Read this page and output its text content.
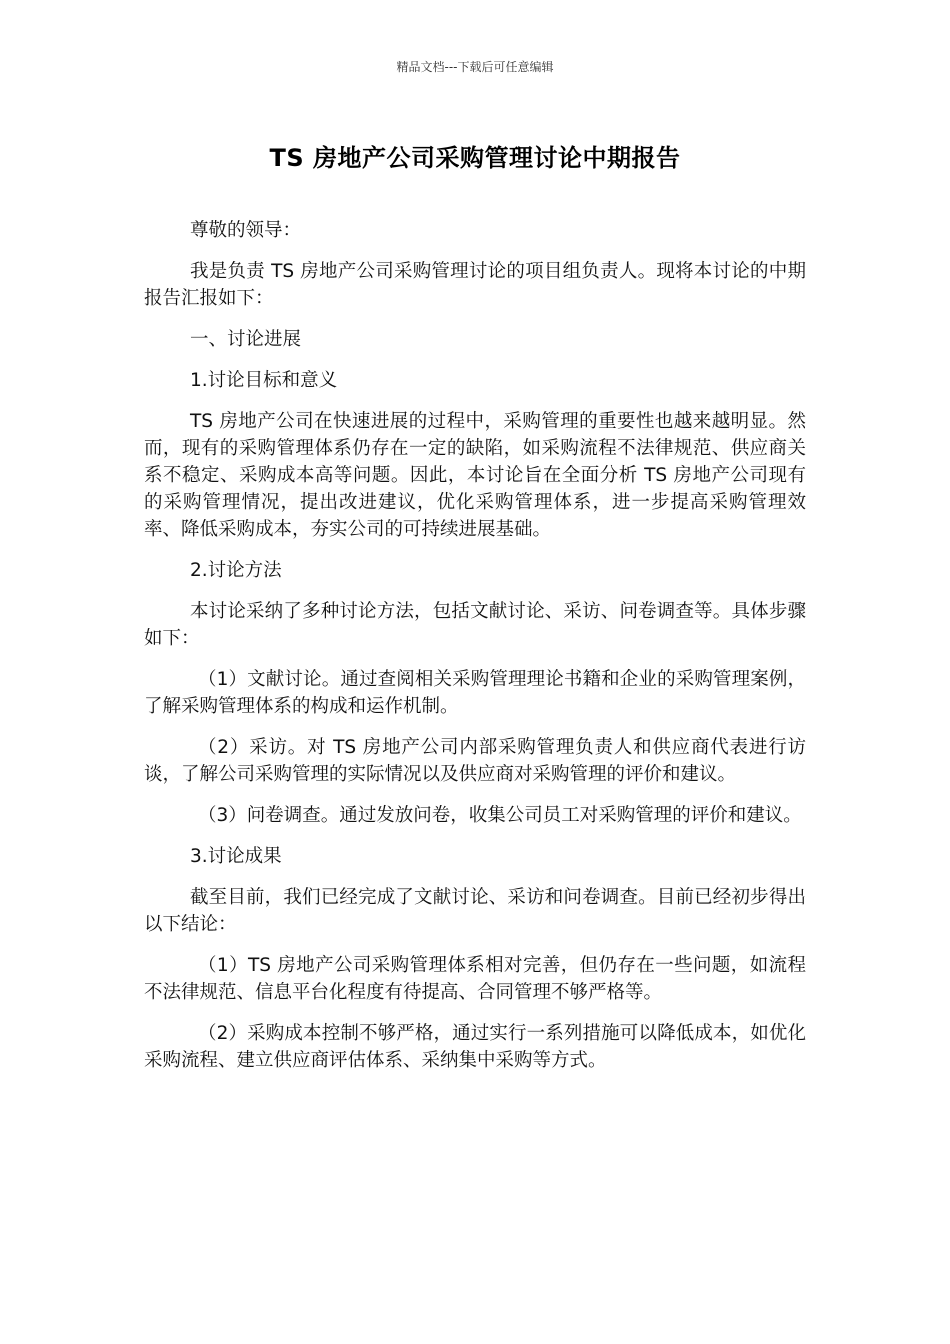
精品文档---下载后可任意编辑
TS 房地产公司采购管理讨论中期报告

尊敬的领导：

我是负责 TS 房地产公司采购管理讨论的项目组负责人。现将本讨论的中期报告汇报如下：

一、讨论进展

1.讨论目标和意义

TS 房地产公司在快速进展的过程中，采购管理的重要性也越来越明显。然而，现有的采购管理体系仍存在一定的缺陷，如采购流程不法律规范、供应商关系不稳定、采购成本高等问题。因此，本讨论旨在全面分析 TS 房地产公司现有的采购管理情况，提出改进建议，优化采购管理体系，进一步提高采购管理效率、降低采购成本，夯实公司的可持续进展基础。

2.讨论方法

本讨论采纳了多种讨论方法，包括文献讨论、采访、问卷调查等。具体步骤如下：

（1）文献讨论。通过查阅相关采购管理理论书籍和企业的采购管理案例，了解采购管理体系的构成和运作机制。

（2）采访。对 TS 房地产公司内部采购管理负责人和供应商代表进行访谈，了解公司采购管理的实际情况以及供应商对采购管理的评价和建议。

（3）问卷调查。通过发放问卷，收集公司员工对采购管理的评价和建议。

3.讨论成果

截至目前，我们已经完成了文献讨论、采访和问卷调查。目前已经初步得出以下结论：

（1）TS 房地产公司采购管理体系相对完善，但仍存在一些问题，如流程不法律规范、信息平台化程度有待提高、合同管理不够严格等。

（2）采购成本控制不够严格，通过实行一系列措施可以降低成本，如优化采购流程、建立供应商评估体系、采纳集中采购等方式。
